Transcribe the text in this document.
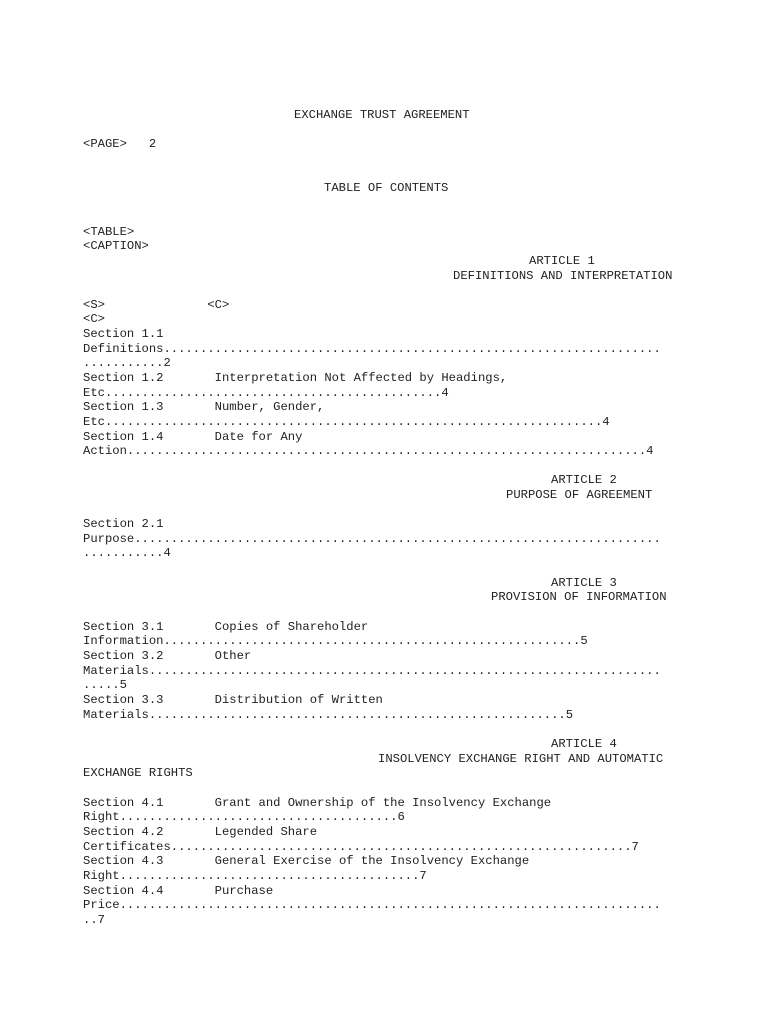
EXCHANGE TRUST AGREEMENT

<PAGE>   2

TABLE OF CONTENTS

<TABLE>

<CAPTION>

ARTICLE 1

DEFINITIONS AND INTERPRETATION

<S>              <C>

<C>

Section 1.1

Definitions....................................................................

...........2

Section 1.2       Interpretation Not Affected by Headings,

Etc..............................................4

Section 1.3       Number, Gender,

Etc....................................................................4

Section 1.4       Date for Any

Action.......................................................................4

ARTICLE 2

PURPOSE OF AGREEMENT

Section 2.1

Purpose........................................................................

...........4

ARTICLE 3

PROVISION OF INFORMATION

Section 3.1       Copies of Shareholder

Information.........................................................5

Section 3.2       Other

Materials......................................................................

.....5

Section 3.3       Distribution of Written

Materials.........................................................5

ARTICLE 4

INSOLVENCY EXCHANGE RIGHT AND AUTOMATIC

EXCHANGE RIGHTS

Section 4.1       Grant and Ownership of the Insolvency Exchange

Right......................................6

Section 4.2       Legended Share

Certificates...............................................................7

Section 4.3       General Exercise of the Insolvency Exchange

Right.........................................7

Section 4.4       Purchase

Price..........................................................................

..7
